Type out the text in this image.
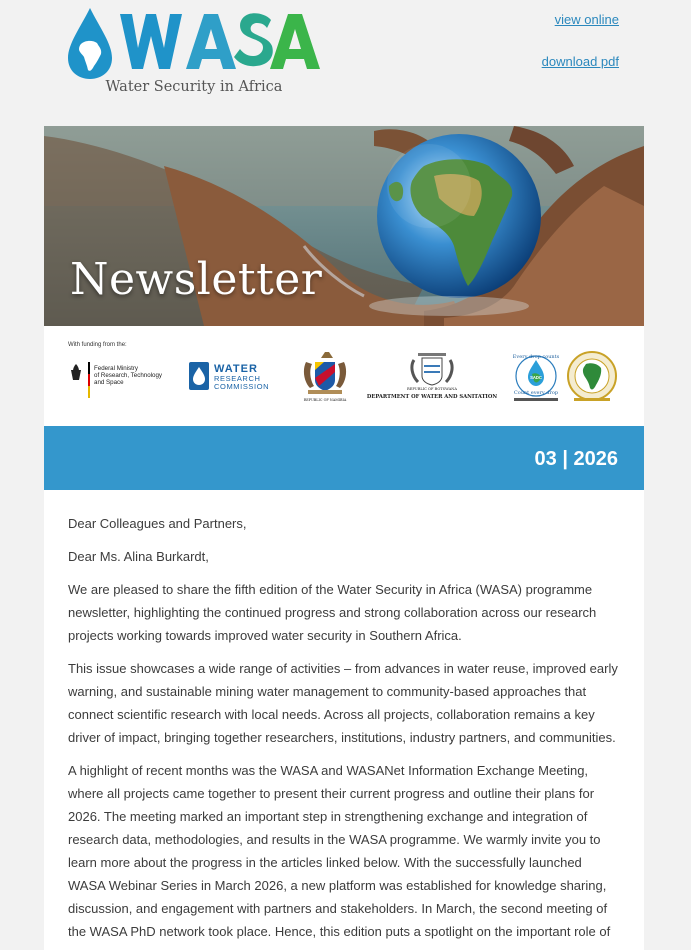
Water Security in Africa
view online
download pdf
Newsletter
With funding from the:
Federal Ministry
of Research, Technology
and Space
WATER
RESEARCH
COMMISSION
REPUBLIC OF NAMIBIA
REPUBLIC OF BOTSWANA
DEPARTMENT OF WATER AND SANITATION
Every drop counts
Count every drop
SADC
03 | 2026

Dear Colleagues and Partners,

Dear Ms. Alina Burkardt,

We are pleased to share the fifth edition of the Water Security in Africa (WASA) programme newsletter, highlighting the continued progress and strong collaboration across our research projects working towards improved water security in Southern Africa.

This issue showcases a wide range of activities – from advances in water reuse, improved early warning, and sustainable mining water management to community-based approaches that connect scientific research with local needs. Across all projects, collaboration remains a key driver of impact, bringing together researchers, institutions, industry partners, and communities.

A highlight of recent months was the WASA and WASANet Information Exchange Meeting, where all projects came together to present their current progress and outline their plans for 2026. The meeting marked an important step in strengthening exchange and integration of research data, methodologies, and results in the WASA programme. We warmly invite you to learn more about the progress in the articles linked below. With the successfully launched WASA Webinar Series in March 2026, a new platform was established for knowledge sharing, discussion, and engagement with partners and stakeholders. In March, the second meeting of the WASA PhD network took place. Hence, this edition puts a spotlight on the important role of
